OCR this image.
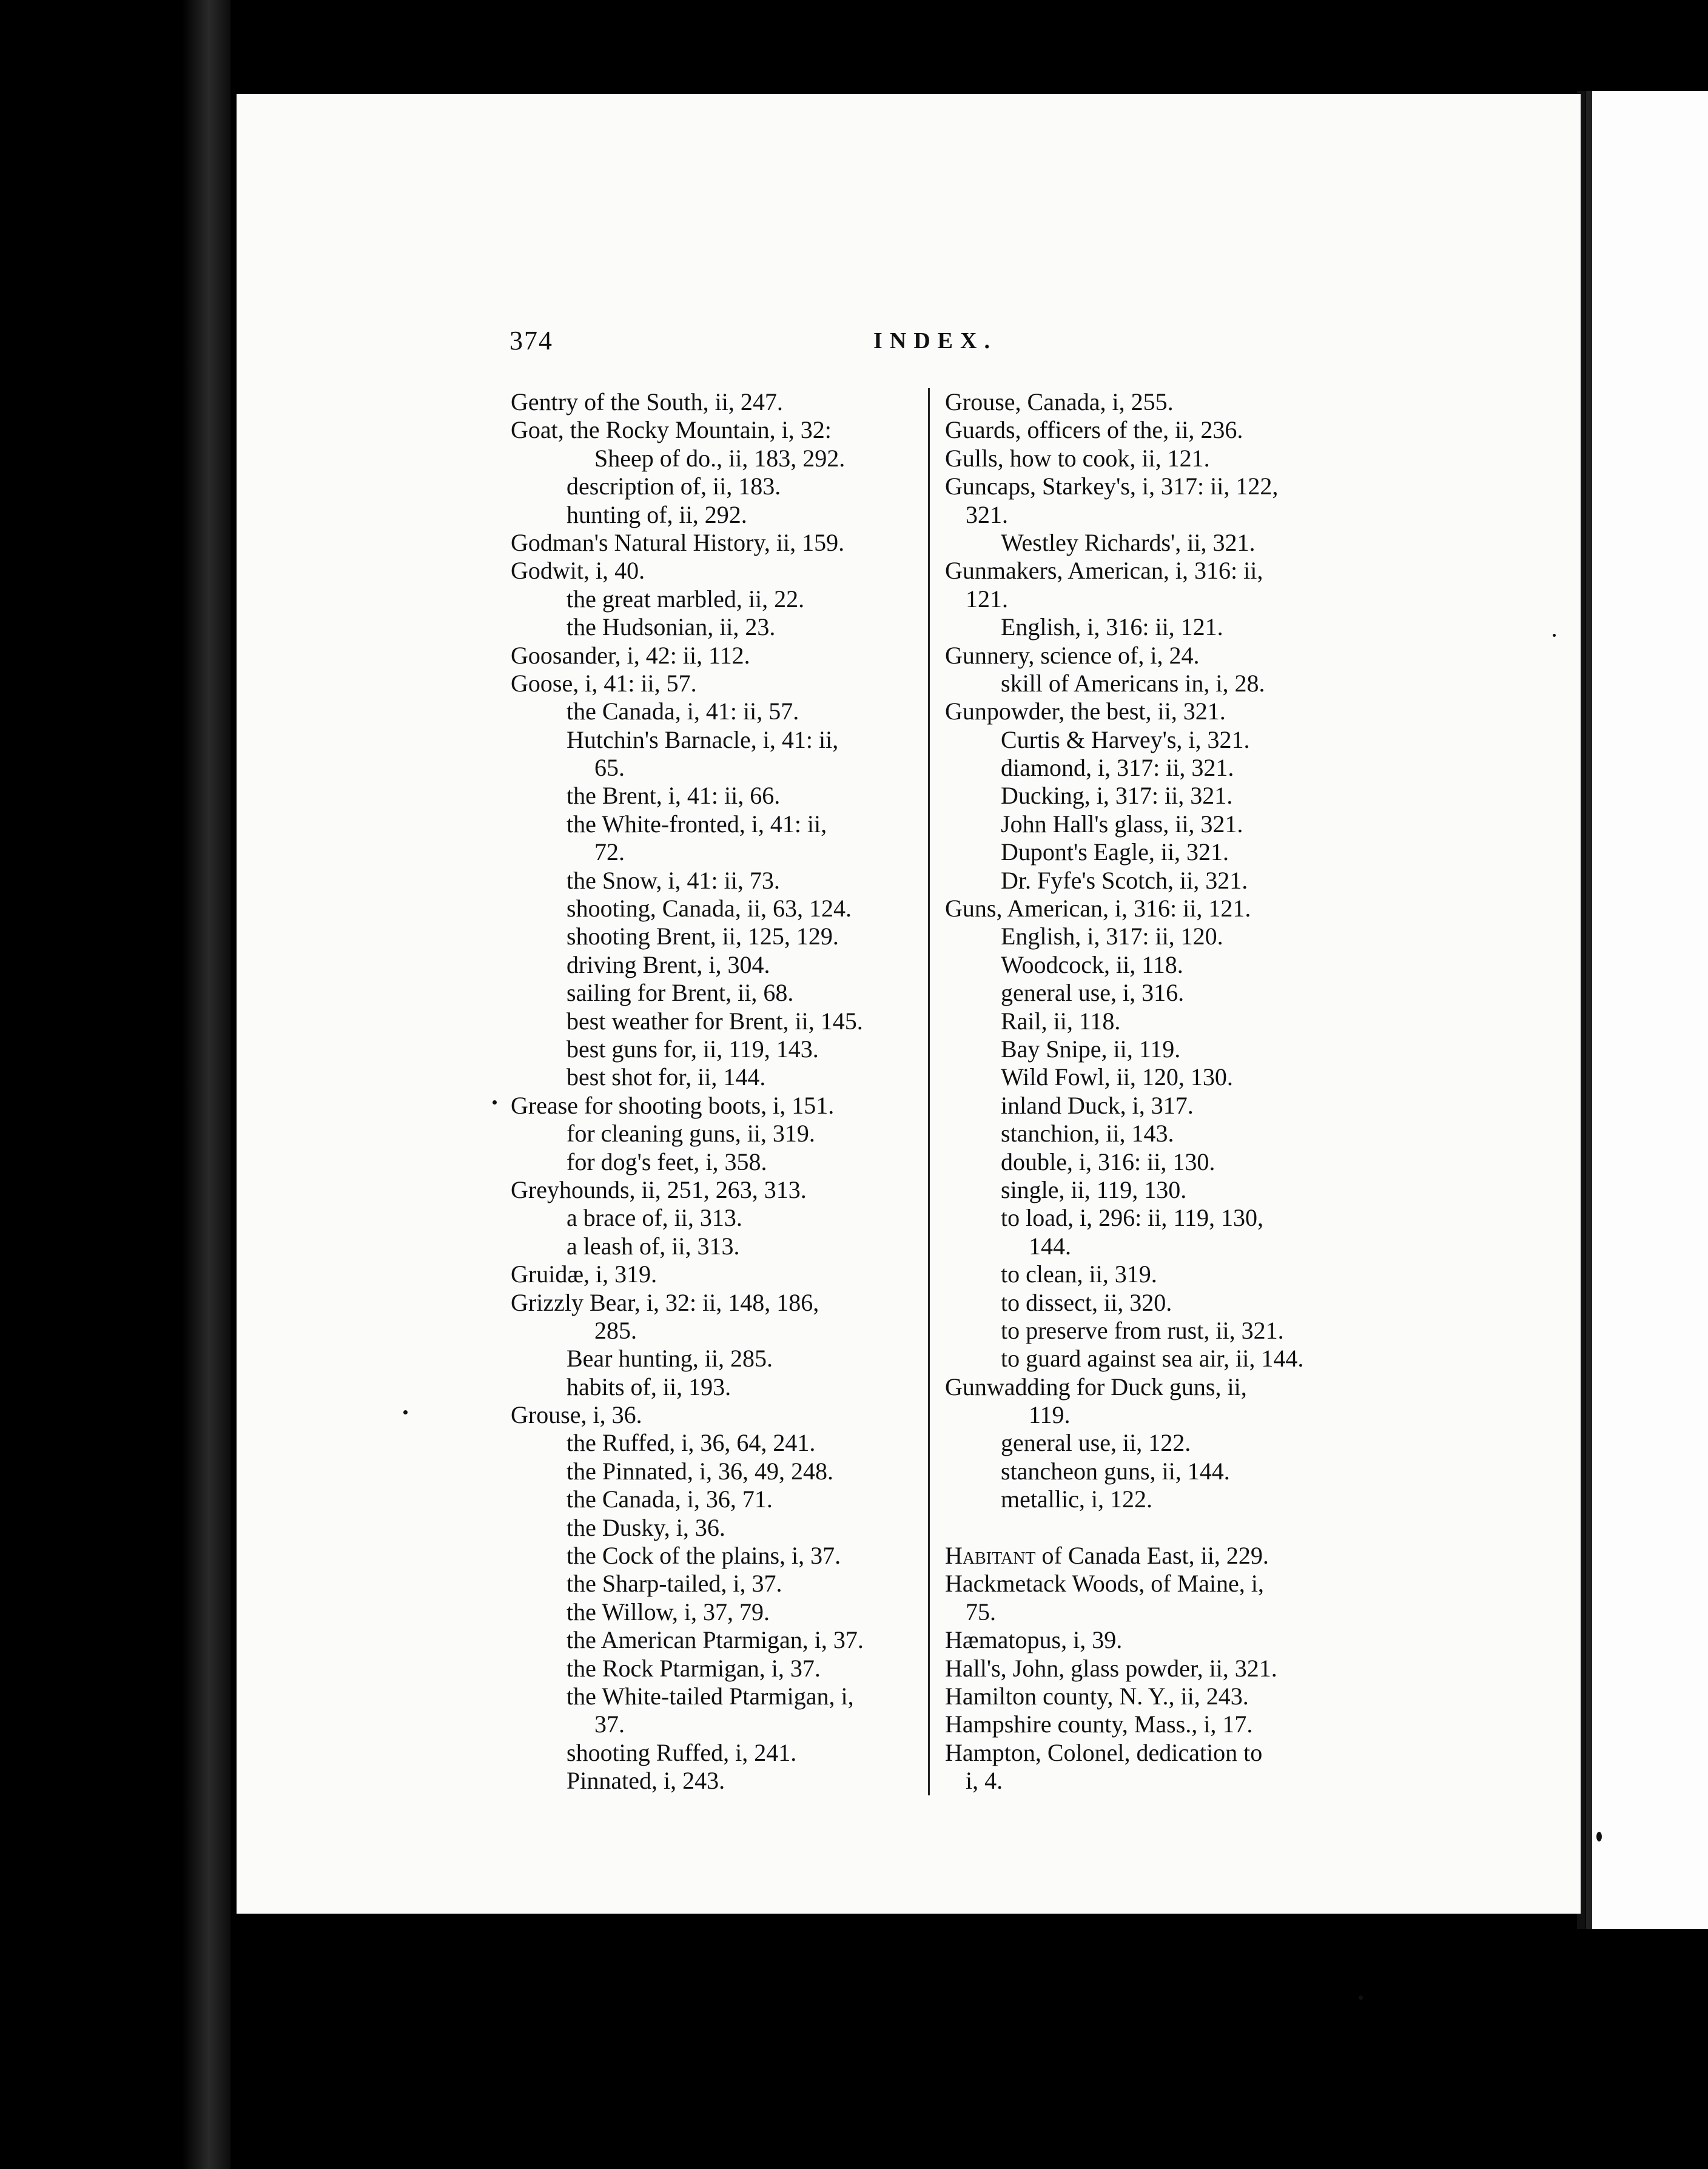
374	INDEX.
Gentry of the South, ii, 247.
Goat, the Rocky Mountain, i, 32:
Sheep of do., ii, 183, 292.
description of, ii, 183.
hunting of, ii, 292.
Godman's Natural History, ii, 159.
Godwit, i, 40.
the great marbled, ii, 22.
the Hudsonian, ii, 23.
Goosander, i, 42: ii, 112.
Goose, i, 41: ii, 57.
the Canada, i, 41: ii, 57.
Hutchin's Barnacle, i, 41: ii,
65.
the Brent, i, 41: ii, 66.
the White-fronted, i, 41: ii,
72.
the Snow, i, 41: ii, 73.
shooting, Canada, ii, 63, 124.
shooting Brent, ii, 125, 129.
driving Brent, i, 304.
sailing for Brent, ii, 68.
best weather for Brent, ii, 145.
best guns for, ii, 119, 143.
best shot for, ii, 144.
Grease for shooting boots, i, 151.
for cleaning guns, ii, 319.
for dog's feet, i, 358.
Greyhounds, ii, 251, 263, 313.
a brace of, ii, 313.
a leash of, ii, 313.
Gruidæ, i, 319.
Grizzly Bear, i, 32: ii, 148, 186,
285.
Bear hunting, ii, 285.
habits of, ii, 193.
Grouse, i, 36.
the Ruffed, i, 36, 64, 241.
the Pinnated, i, 36, 49, 248.
the Canada, i, 36, 71.
the Dusky, i, 36.
the Cock of the plains, i, 37.
the Sharp-tailed, i, 37.
the Willow, i, 37, 79.
the American Ptarmigan, i, 37.
the Rock Ptarmigan, i, 37.
the White-tailed Ptarmigan, i,
37.
shooting Ruffed, i, 241.
Pinnated, i, 243.
Grouse, Canada, i, 255.
Guards, officers of the, ii, 236.
Gulls, how to cook, ii, 121.
Guncaps, Starkey's, i, 317: ii, 122,
321.
Westley Richards', ii, 321.
Gunmakers, American, i, 316: ii,
121.
English, i, 316: ii, 121.
Gunnery, science of, i, 24.
skill of Americans in, i, 28.
Gunpowder, the best, ii, 321.
Curtis & Harvey's, i, 321.
diamond, i, 317: ii, 321.
Ducking, i, 317: ii, 321.
John Hall's glass, ii, 321.
Dupont's Eagle, ii, 321.
Dr. Fyfe's Scotch, ii, 321.
Guns, American, i, 316: ii, 121.
English, i, 317: ii, 120.
Woodcock, ii, 118.
general use, i, 316.
Rail, ii, 118.
Bay Snipe, ii, 119.
Wild Fowl, ii, 120, 130.
inland Duck, i, 317.
stanchion, ii, 143.
double, i, 316: ii, 130.
single, ii, 119, 130.
to load, i, 296: ii, 119, 130,
144.
to clean, ii, 319.
to dissect, ii, 320.
to preserve from rust, ii, 321.
to guard against sea air, ii, 144.
Gunwadding for Duck guns, ii,
119.
general use, ii, 122.
stancheon guns, ii, 144.
metallic, i, 122.
Habitant of Canada East, ii, 229.
Hackmetack Woods, of Maine, i,
75.
Hæmatopus, i, 39.
Hall's, John, glass powder, ii, 321.
Hamilton county, N. Y., ii, 243.
Hampshire county, Mass., i, 17.
Hampton, Colonel, dedication to
i, 4.
